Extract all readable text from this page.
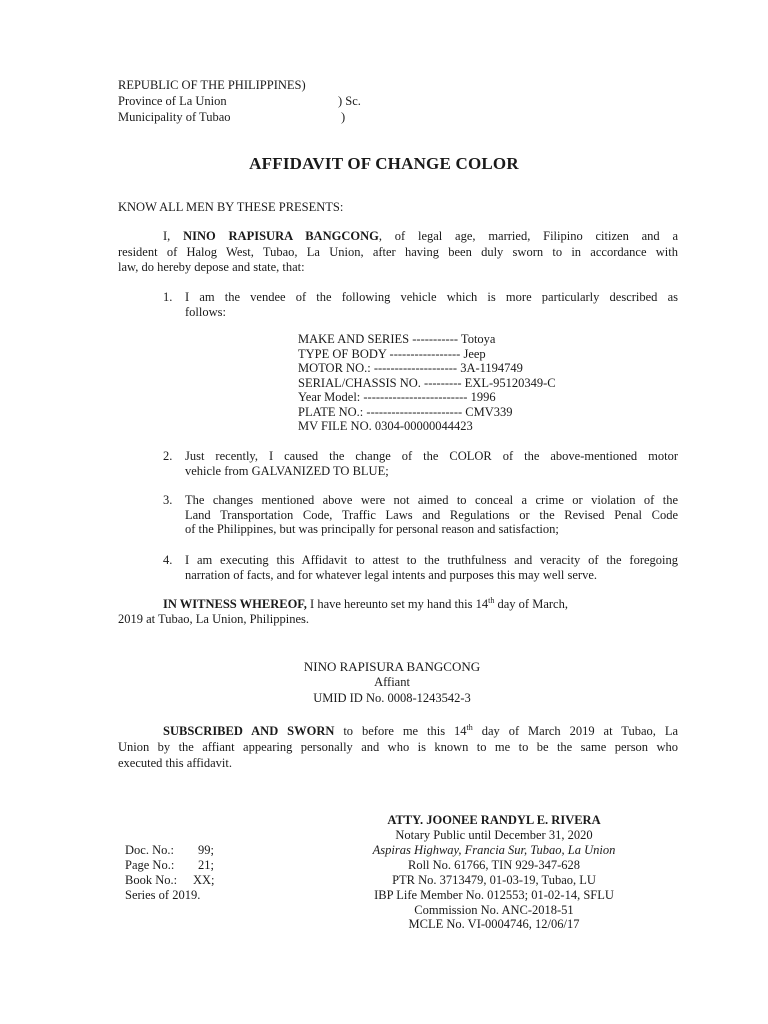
REPUBLIC OF THE PHILIPPINES)
Province of La Union	) Sc.
Municipality of Tubao	)
AFFIDAVIT OF CHANGE COLOR
KNOW ALL MEN BY THESE PRESENTS:
I, NINO RAPISURA BANGCONG, of legal age, married, Filipino citizen and a
resident of Halog West, Tubao, La Union, after having been duly sworn to in accordance with
law, do hereby depose and state, that:
1. I am the vendee of the following vehicle which is more particularly described as
follows:
MAKE AND SERIES ----------- Totoya
TYPE OF BODY ----------------- Jeep
MOTOR NO.: -------------------- 3A-1194749
SERIAL/CHASSIS NO. --------- EXL-95120349-C
Year Model: ------------------------- 1996
PLATE NO.: ----------------------- CMV339
MV FILE NO. 0304-00000044423
2. Just recently, I caused the change of the COLOR of the above-mentioned motor
vehicle from GALVANIZED TO BLUE;
3. The changes mentioned above were not aimed to conceal a crime or violation of the
Land Transportation Code, Traffic Laws and Regulations or the Revised Penal Code
of the Philippines, but was principally for personal reason and satisfaction;
4. I am executing this Affidavit to attest to the truthfulness and veracity of the foregoing
narration of facts, and for whatever legal intents and purposes this may well serve.
IN WITNESS WHEREOF, I have hereunto set my hand this 14th day of March,
2019 at Tubao, La Union, Philippines.
NINO RAPISURA BANGCONG
Affiant
UMID ID No. 0008-1243542-3
SUBSCRIBED AND SWORN to before me this 14th day of March 2019 at Tubao, La
Union by the affiant appearing personally and who is known to me to be the same person who
executed this affidavit.
ATTY. JOONEE RANDYL E. RIVERA
Notary Public until December 31, 2020
Aspiras Highway, Francia Sur, Tubao, La Union
Roll No. 61766, TIN 929-347-628
PTR No. 3713479, 01-03-19, Tubao, LU
IBP Life Member No. 012553; 01-02-14, SFLU
Commission No. ANC-2018-51
MCLE No. VI-0004746, 12/06/17
Doc. No.: 99;
Page No.: 21;
Book No.: XX;
Series of 2019.
